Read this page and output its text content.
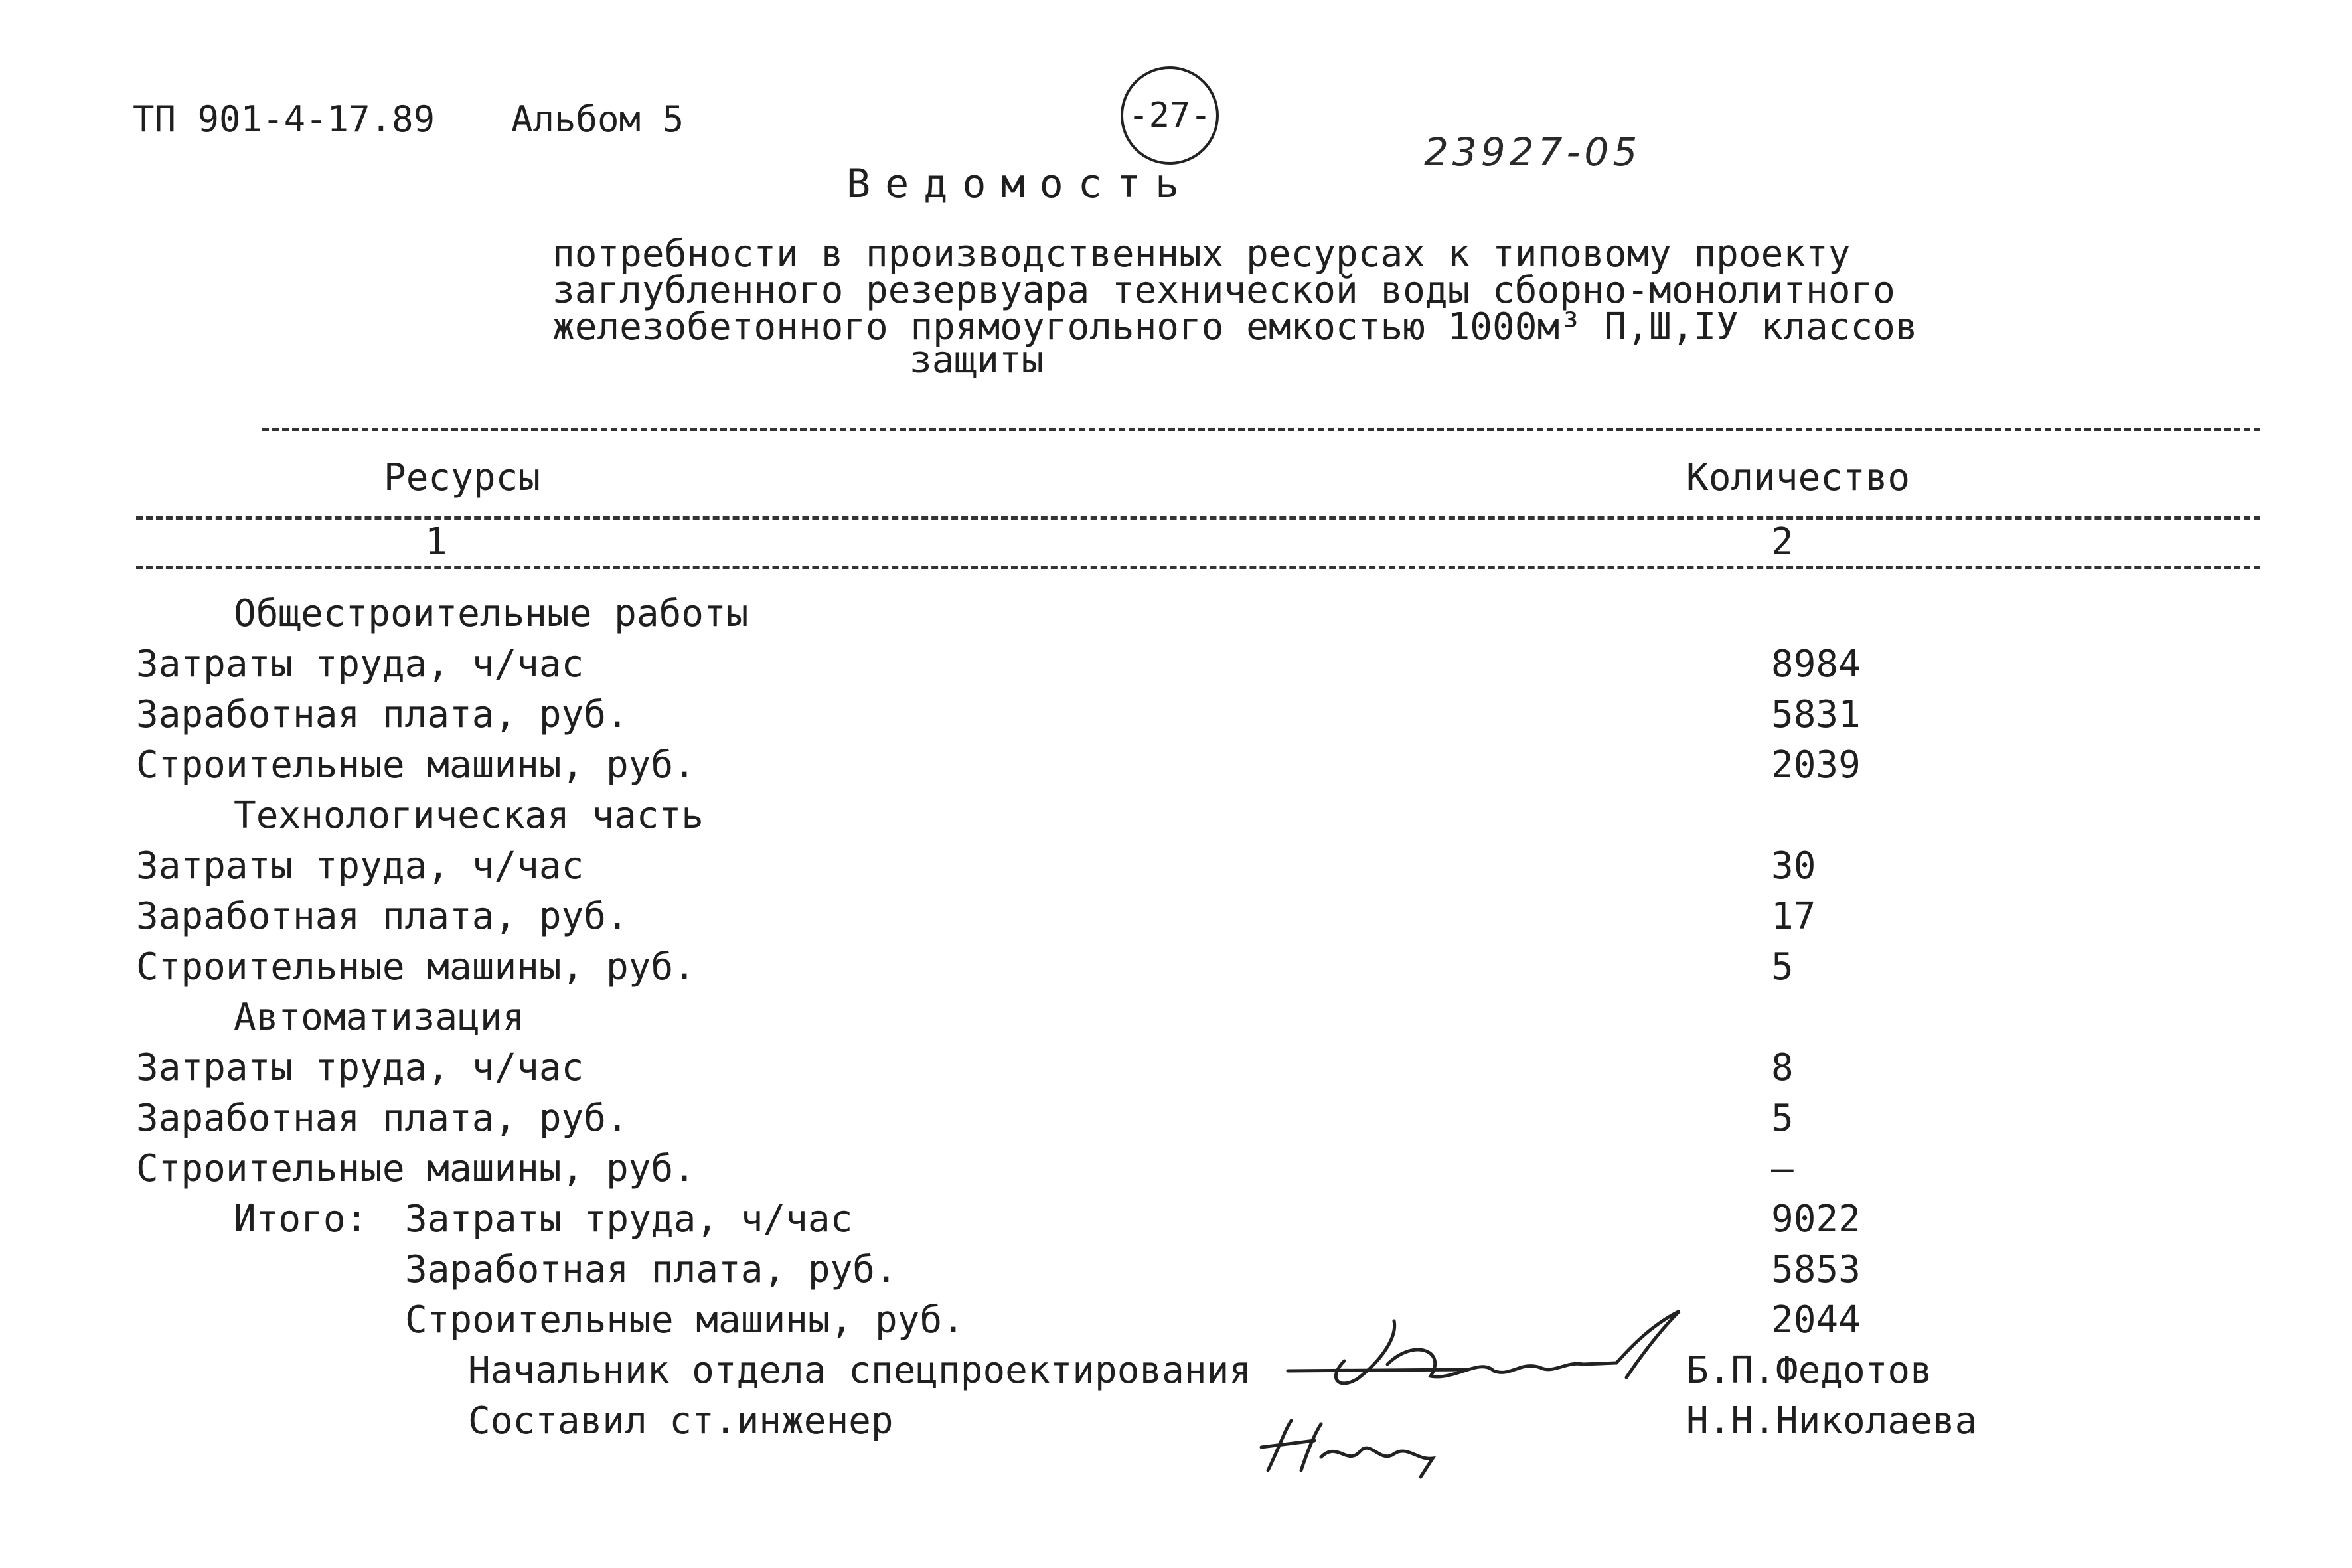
ТП 901-4-17.89 Альбом 5	-27-
23927-05
Ведомость
потребности в производственных ресурсах к типовому проекту
заглубленного резервуара технической воды сборно-монолитного
железобетонного прямоугольного емкостью 1000м³ П,Ш,IУ классов
защиты
Ресурсы	Количество
1	2
Общестроительные работы
Затраты труда, ч/час	8984
Заработная плата, руб.	5831
Строительные машины, руб.	2039
Технологическая часть
Затраты труда, ч/час	30
Заработная плата, руб.	17
Строительные машины, руб.	5
Автоматизация
Затраты труда, ч/час	8
Заработная плата, руб.	5
Строительные машины, руб.	–
Итого: Затраты труда, ч/час	9022
Заработная плата, руб.	5853
Строительные машины, руб.	2044
Начальник отдела спецпроектирования	Б.П.Федотов
Составил ст.инженер	Н.Н.Николаева
